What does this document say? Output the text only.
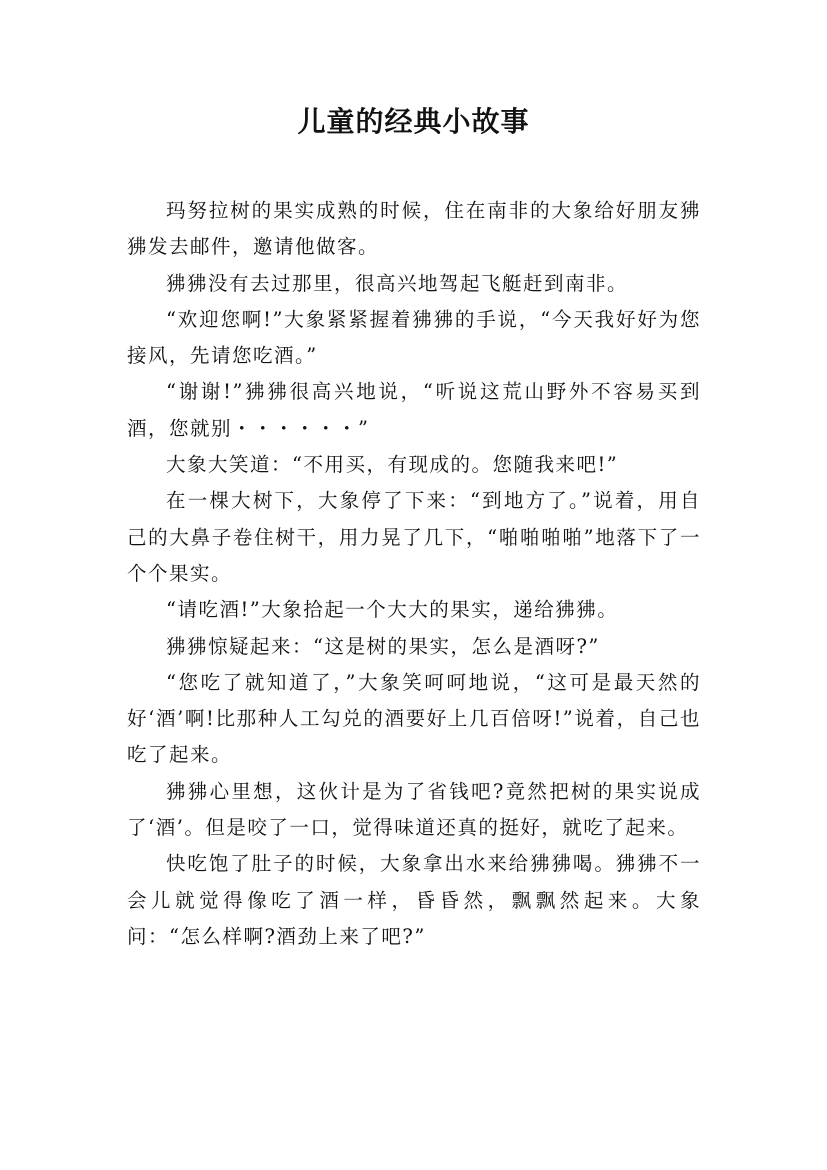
儿童的经典小故事

玛努拉树的果实成熟的时候，住在南非的大象给好朋友狒狒发去邮件，邀请他做客。

狒狒没有去过那里，很高兴地驾起飞艇赶到南非。

“欢迎您啊!”大象紧紧握着狒狒的手说，“今天我好好为您接风，先请您吃酒。”

“谢谢!”狒狒很高兴地说，“听说这荒山野外不容易买到酒，您就别・・・・・・”

大象大笑道：“不用买，有现成的。您随我来吧!”

在一棵大树下，大象停了下来：“到地方了。”说着，用自己的大鼻子卷住树干，用力晃了几下，“啪啪啪啪”地落下了一个个果实。

“请吃酒!”大象拾起一个大大的果实，递给狒狒。

狒狒惊疑起来：“这是树的果实，怎么是酒呀?”

“您吃了就知道了，”大象笑呵呵地说，“这可是最天然的好‘酒’啊!比那种人工勾兑的酒要好上几百倍呀!”说着，自己也吃了起来。

狒狒心里想，这伙计是为了省钱吧?竟然把树的果实说成了‘酒’。但是咬了一口，觉得味道还真的挺好，就吃了起来。

快吃饱了肚子的时候，大象拿出水来给狒狒喝。狒狒不一会儿就觉得像吃了酒一样，昏昏然，飘飘然起来。大象问：“怎么样啊?酒劲上来了吧?”
